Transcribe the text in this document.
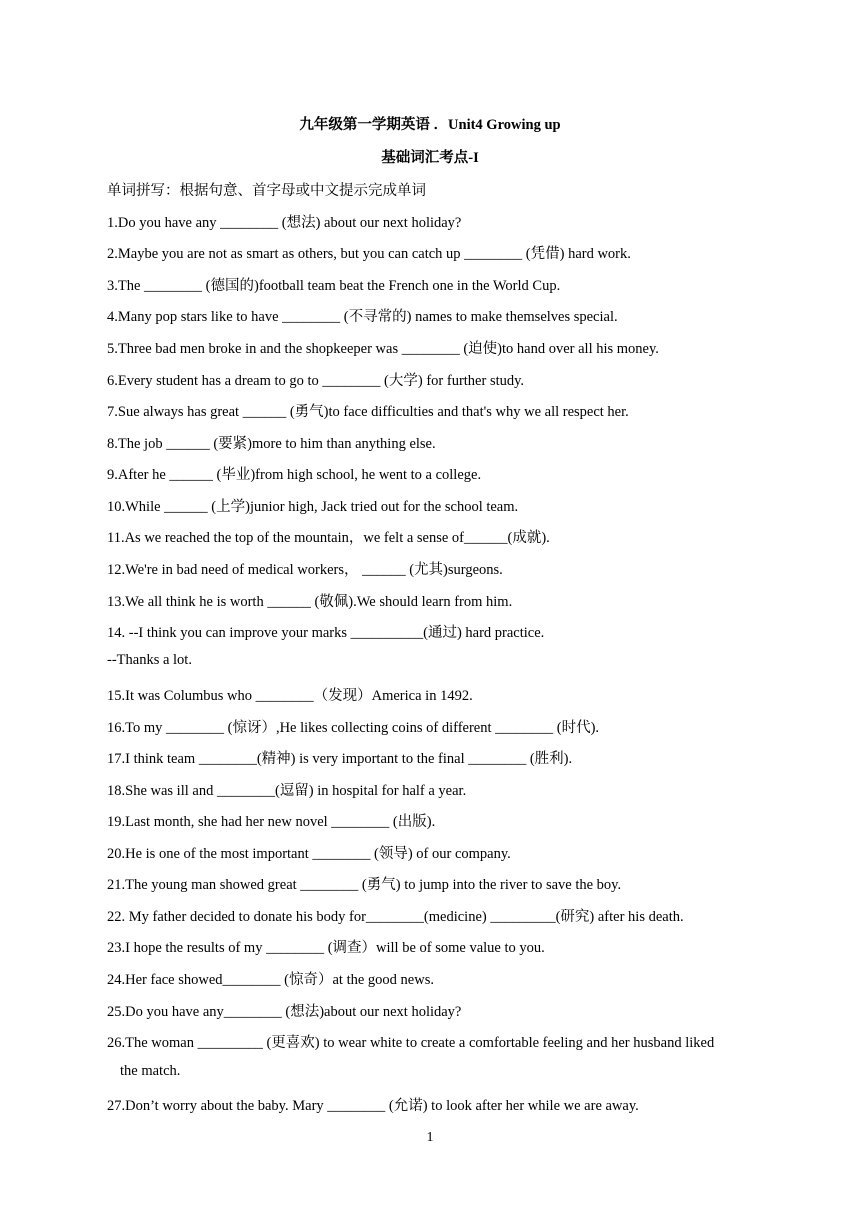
九年级第一学期英语 ．Unit4 Growing up
基础词汇考点-I
单词拼写：根据句意、首字母或中文提示完成单词
1.Do you have any ________ (想法) about our next holiday?
2.Maybe you are not as smart as others, but you can catch up ________ (凭借) hard work.
3.The ________ (德国的)football team beat the French one in the World Cup.
4.Many pop stars like to have ________ (不寻常的) names to make themselves special.
5.Three bad men broke in and the shopkeeper was ________ (迫使)to hand over all his money.
6.Every student has a dream to go to ________ (大学) for further study.
7.Sue always has great ______ (勇气)to face difficulties and that's why we all respect her.
8.The job ______ (要紧)more to him than anything else.
9.After he ______ (毕业)from high school, he went to a college.
10.While ______ (上学)junior high, Jack tried out for the school team.
11.As we reached the top of the mountain，we felt a sense of______(成就).
12.We're in bad need of medical workers， ______ (尤其)surgeons.
13.We all think he is worth ______ (敬佩).We should learn from him.
14. --I think you can improve your marks __________(通过) hard practice.
--Thanks a lot.
15.It was Columbus who ________（发现）America in 1492.
16.To my ________ (惊讶）,He likes collecting coins of different ________ (时代).
17.I think team ________(精神) is very important to the final ________ (胜利).
18.She was ill and ________(逗留) in hospital for half a year.
19.Last month, she had her new novel ________ (出版).
20.He is one of the most important ________ (领导) of our company.
21.The young man showed great ________ (勇气) to jump into the river to save the boy.
22. My father decided to donate his body for________(medicine) _________(研究) after his death.
23.I hope the results of my ________ (调查）will be of some value to you.
24.Her face showed________ (惊奇）at the good news.
25.Do you have any________ (想法)about our next holiday?
26.The woman _________ (更喜欢) to wear white to create a comfortable feeling and her husband liked
the match.
27.Don’t worry about the baby. Mary ________ (允诺) to look after her while we are away.
1
